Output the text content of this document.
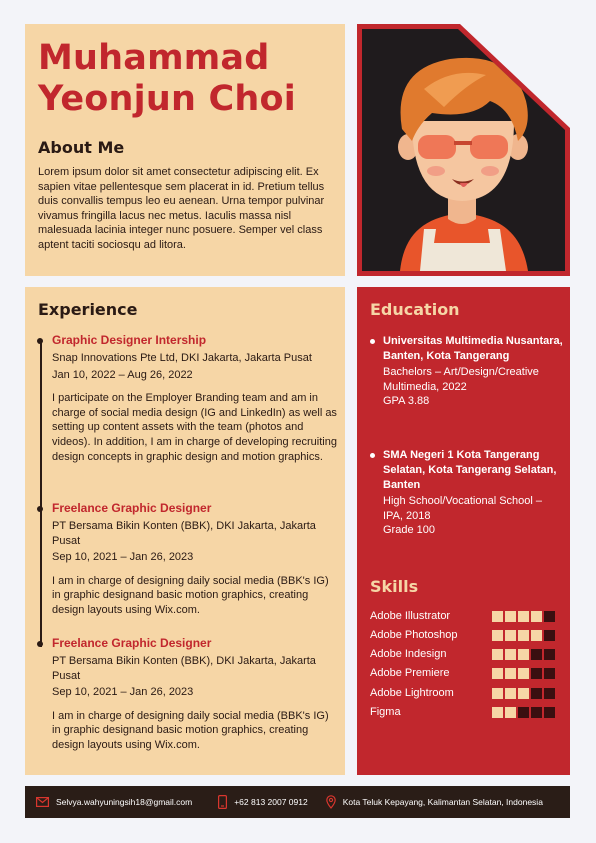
Muhammad
Yeonjun Choi
About Me
Lorem ipsum dolor sit amet consectetur adipiscing elit. Ex sapien vitae pellentesque sem placerat in id. Pretium tellus duis convallis tempus leo eu aenean. Urna tempor pulvinar vivamus fringilla lacus nec metus. Iaculis massa nisl malesuada lacinia integer nunc posuere. Semper vel class aptent taciti sociosqu ad litora.
Experience
Graphic Designer Intership
Snap Innovations Pte Ltd, DKI Jakarta, Jakarta Pusat
Jan 10, 2022 – Aug 26, 2022
I participate on the Employer Branding team and am in charge of social media design (IG and LinkedIn) as well as setting up content assets with the team (photos and videos). In addition, I am in charge of developing recruiting design concepts in graphic design and motion graphics.
Freelance Graphic Designer
PT Bersama Bikin Konten (BBK), DKI Jakarta, Jakarta Pusat
Sep 10, 2021 – Jan 26, 2023
I am in charge of designing daily social media (BBK's IG) in graphic designand basic motion graphics, creating design layouts using Wix.com.
Freelance Graphic Designer
PT Bersama Bikin Konten (BBK), DKI Jakarta, Jakarta Pusat
Sep 10, 2021 – Jan 26, 2023
I am in charge of designing daily social media (BBK's IG) in graphic designand basic motion graphics, creating design layouts using Wix.com.
Education
Universitas Multimedia Nusantara, Banten, Kota Tangerang
Bachelors – Art/Design/Creative Multimedia, 2022
GPA 3.88
SMA Negeri 1 Kota Tangerang Selatan, Kota Tangerang Selatan, Banten
High School/Vocational School – IPA, 2018
Grade 100
Skills
Adobe Illustrator
Adobe Photoshop
Adobe Indesign
Adobe Premiere
Adobe Lightroom
Figma
Selvya.wahyuningsih18@gmail.com	+62 813 2007 0912	Kota Teluk Kepayang, Kalimantan Selatan, Indonesia
